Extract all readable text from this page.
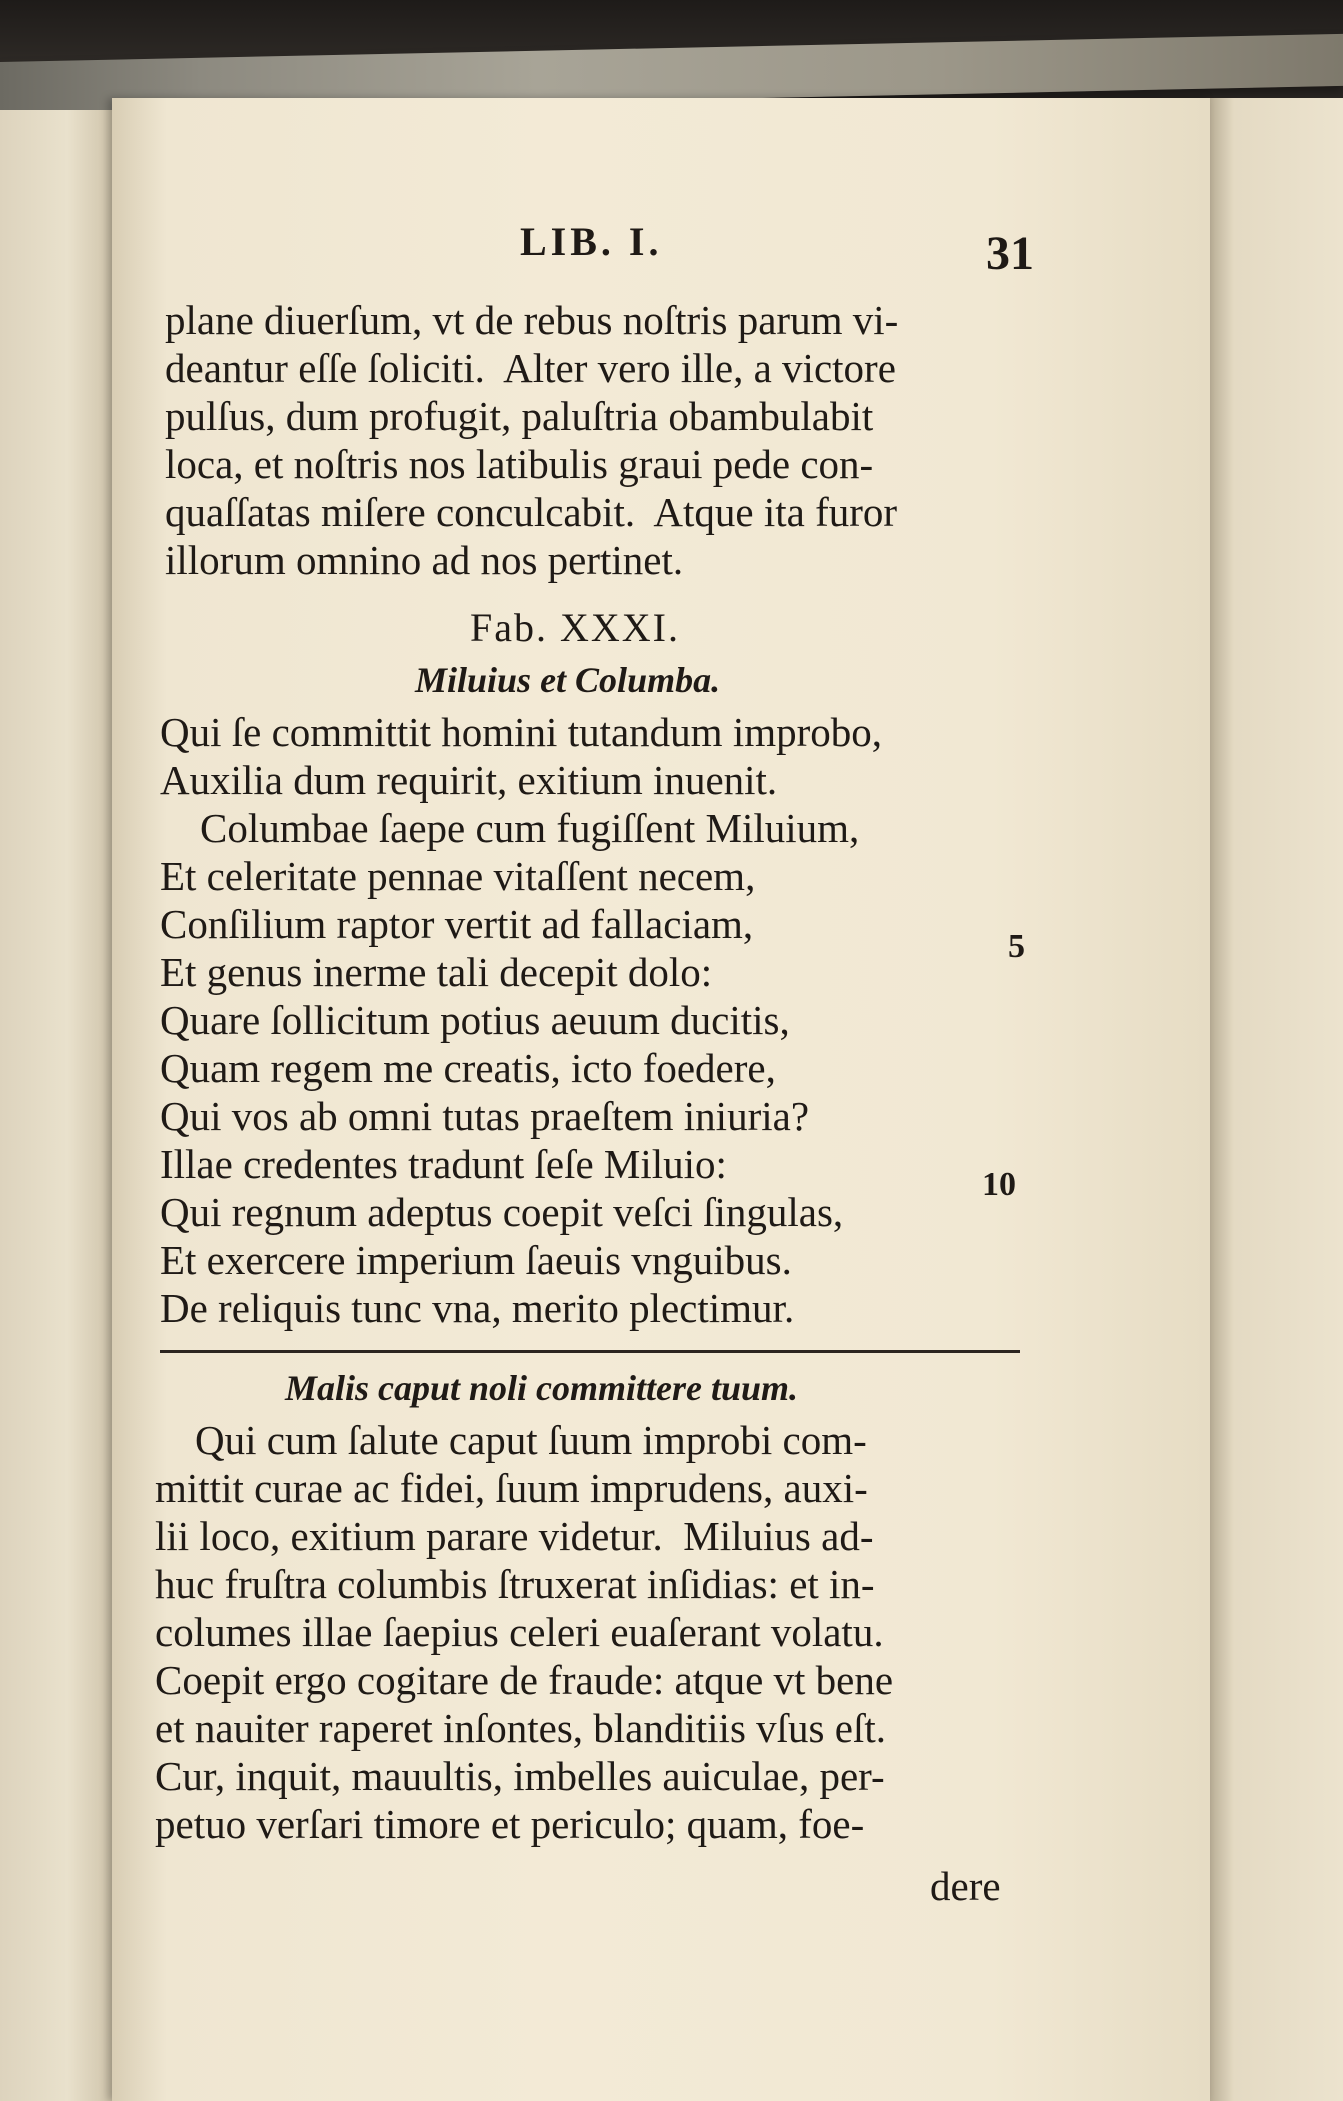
LIB. I.	31
plane diuerſum, vt de rebus noſtris parum vi-
deantur eſſe ſoliciti.  Alter vero ille, a victore
pulſus, dum profugit, paluſtria obambulabit
loca, et noſtris nos latibulis graui pede con-
quaſſatas miſere conculcabit.  Atque ita furor
illorum omnino ad nos pertinet.
Fab. XXXI.
Miluius et Columba.
Qui ſe committit homini tutandum improbo,
Auxilia dum requirit, exitium inuenit.
Columbae ſaepe cum fugiſſent Miluium,
Et celeritate pennae vitaſſent necem,
Conſilium raptor vertit ad fallaciam,
Et genus inerme tali decepit dolo:
Quare ſollicitum potius aeuum ducitis,
Quam regem me creatis, icto foedere,
Qui vos ab omni tutas praeſtem iniuria?
Illae credentes tradunt ſeſe Miluio:
Qui regnum adeptus coepit veſci ſingulas,
Et exercere imperium ſaeuis vnguibus.
De reliquis tunc vna, merito plectimur.
5
10
Malis caput noli committere tuum.
Qui cum ſalute caput ſuum improbi com-
mittit curae ac fidei, ſuum imprudens, auxi-
lii loco, exitium parare videtur.  Miluius ad-
huc fruſtra columbis ſtruxerat inſidias: et in-
columes illae ſaepius celeri euaſerant volatu.
Coepit ergo cogitare de fraude: atque vt bene
et nauiter raperet inſontes, blanditiis vſus eſt.
Cur, inquit, mauultis, imbelles auiculae, per-
petuo verſari timore et periculo; quam, foe-
dere
